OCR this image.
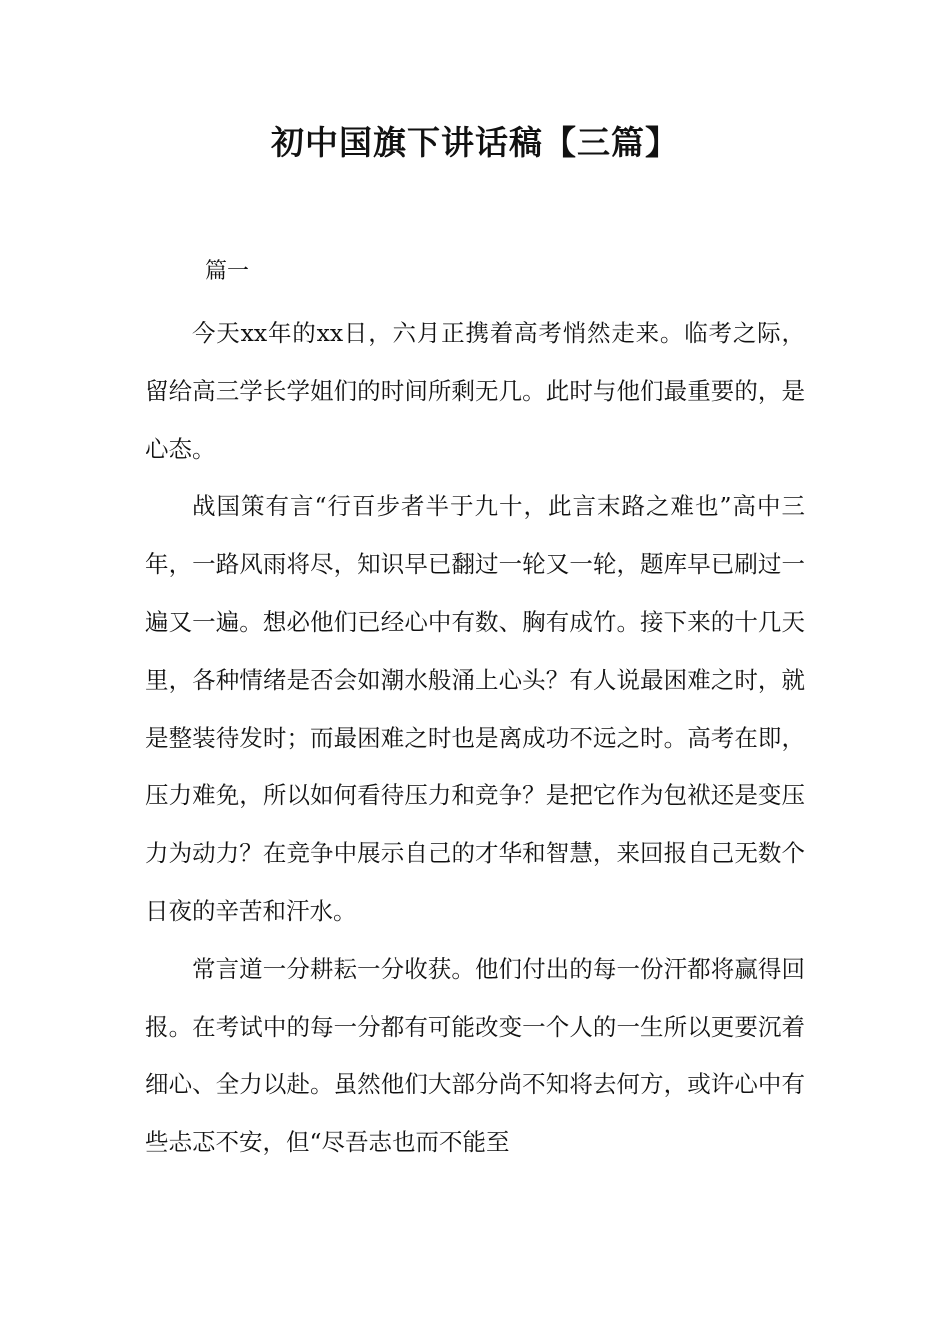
初中国旗下讲话稿【三篇】
篇一

今天xx年的xx日，六月正携着高考悄然走来。临考之际，留给高三学长学姐们的时间所剩无几。此时与他们最重要的，是心态。

战国策有言“行百步者半于九十，此言末路之难也”高中三年，一路风雨将尽，知识早已翻过一轮又一轮，题库早已刷过一遍又一遍。想必他们已经心中有数、胸有成竹。接下来的十几天里，各种情绪是否会如潮水般涌上心头？有人说最困难之时，就是整装待发时；而最困难之时也是离成功不远之时。高考在即，压力难免，所以如何看待压力和竞争？是把它作为包袱还是变压力为动力？在竞争中展示自己的才华和智慧，来回报自己无数个日夜的辛苦和汗水。

常言道一分耕耘一分收获。他们付出的每一份汗都将赢得回报。在考试中的每一分都有可能改变一个人的一生所以更要沉着细心、全力以赴。虽然他们大部分尚不知将去何方，或许心中有些忐忑不安，但“尽吾志也而不能至
